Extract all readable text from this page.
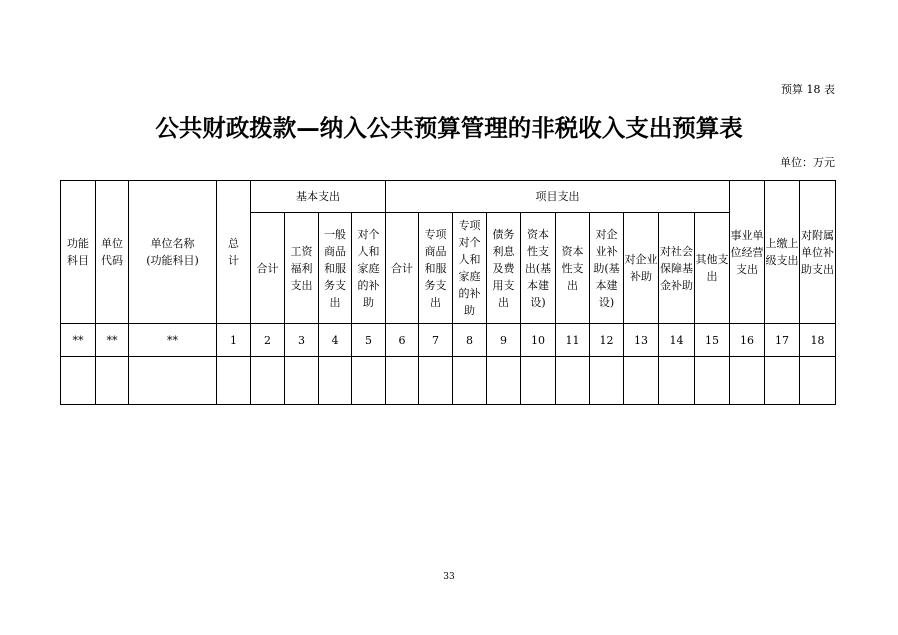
预算 18 表
公共财政拨款—纳入公共预算管理的非税收入支出预算表
单位：万元
功能科目	单位代码	单位名称(功能科目)	总计	基本支出				项目支出										事业单位经营支出	上缴上级支出	对附属单位补助支出
				合计	工资福利支出	一般商品和服务支出	对个人和家庭的补助	合计	专项商品和服务支出	专项对个人和家庭的补助	债务利息及费用支出	资本性支出(基本建设)	资本性支出	对企业补助(基本建设)	对企业补助	对社会保障基金补助	其他支出			
**	**	**	1	2	3	4	5	6	7	8	9	10	11	12	13	14	15	16	17	18

33
